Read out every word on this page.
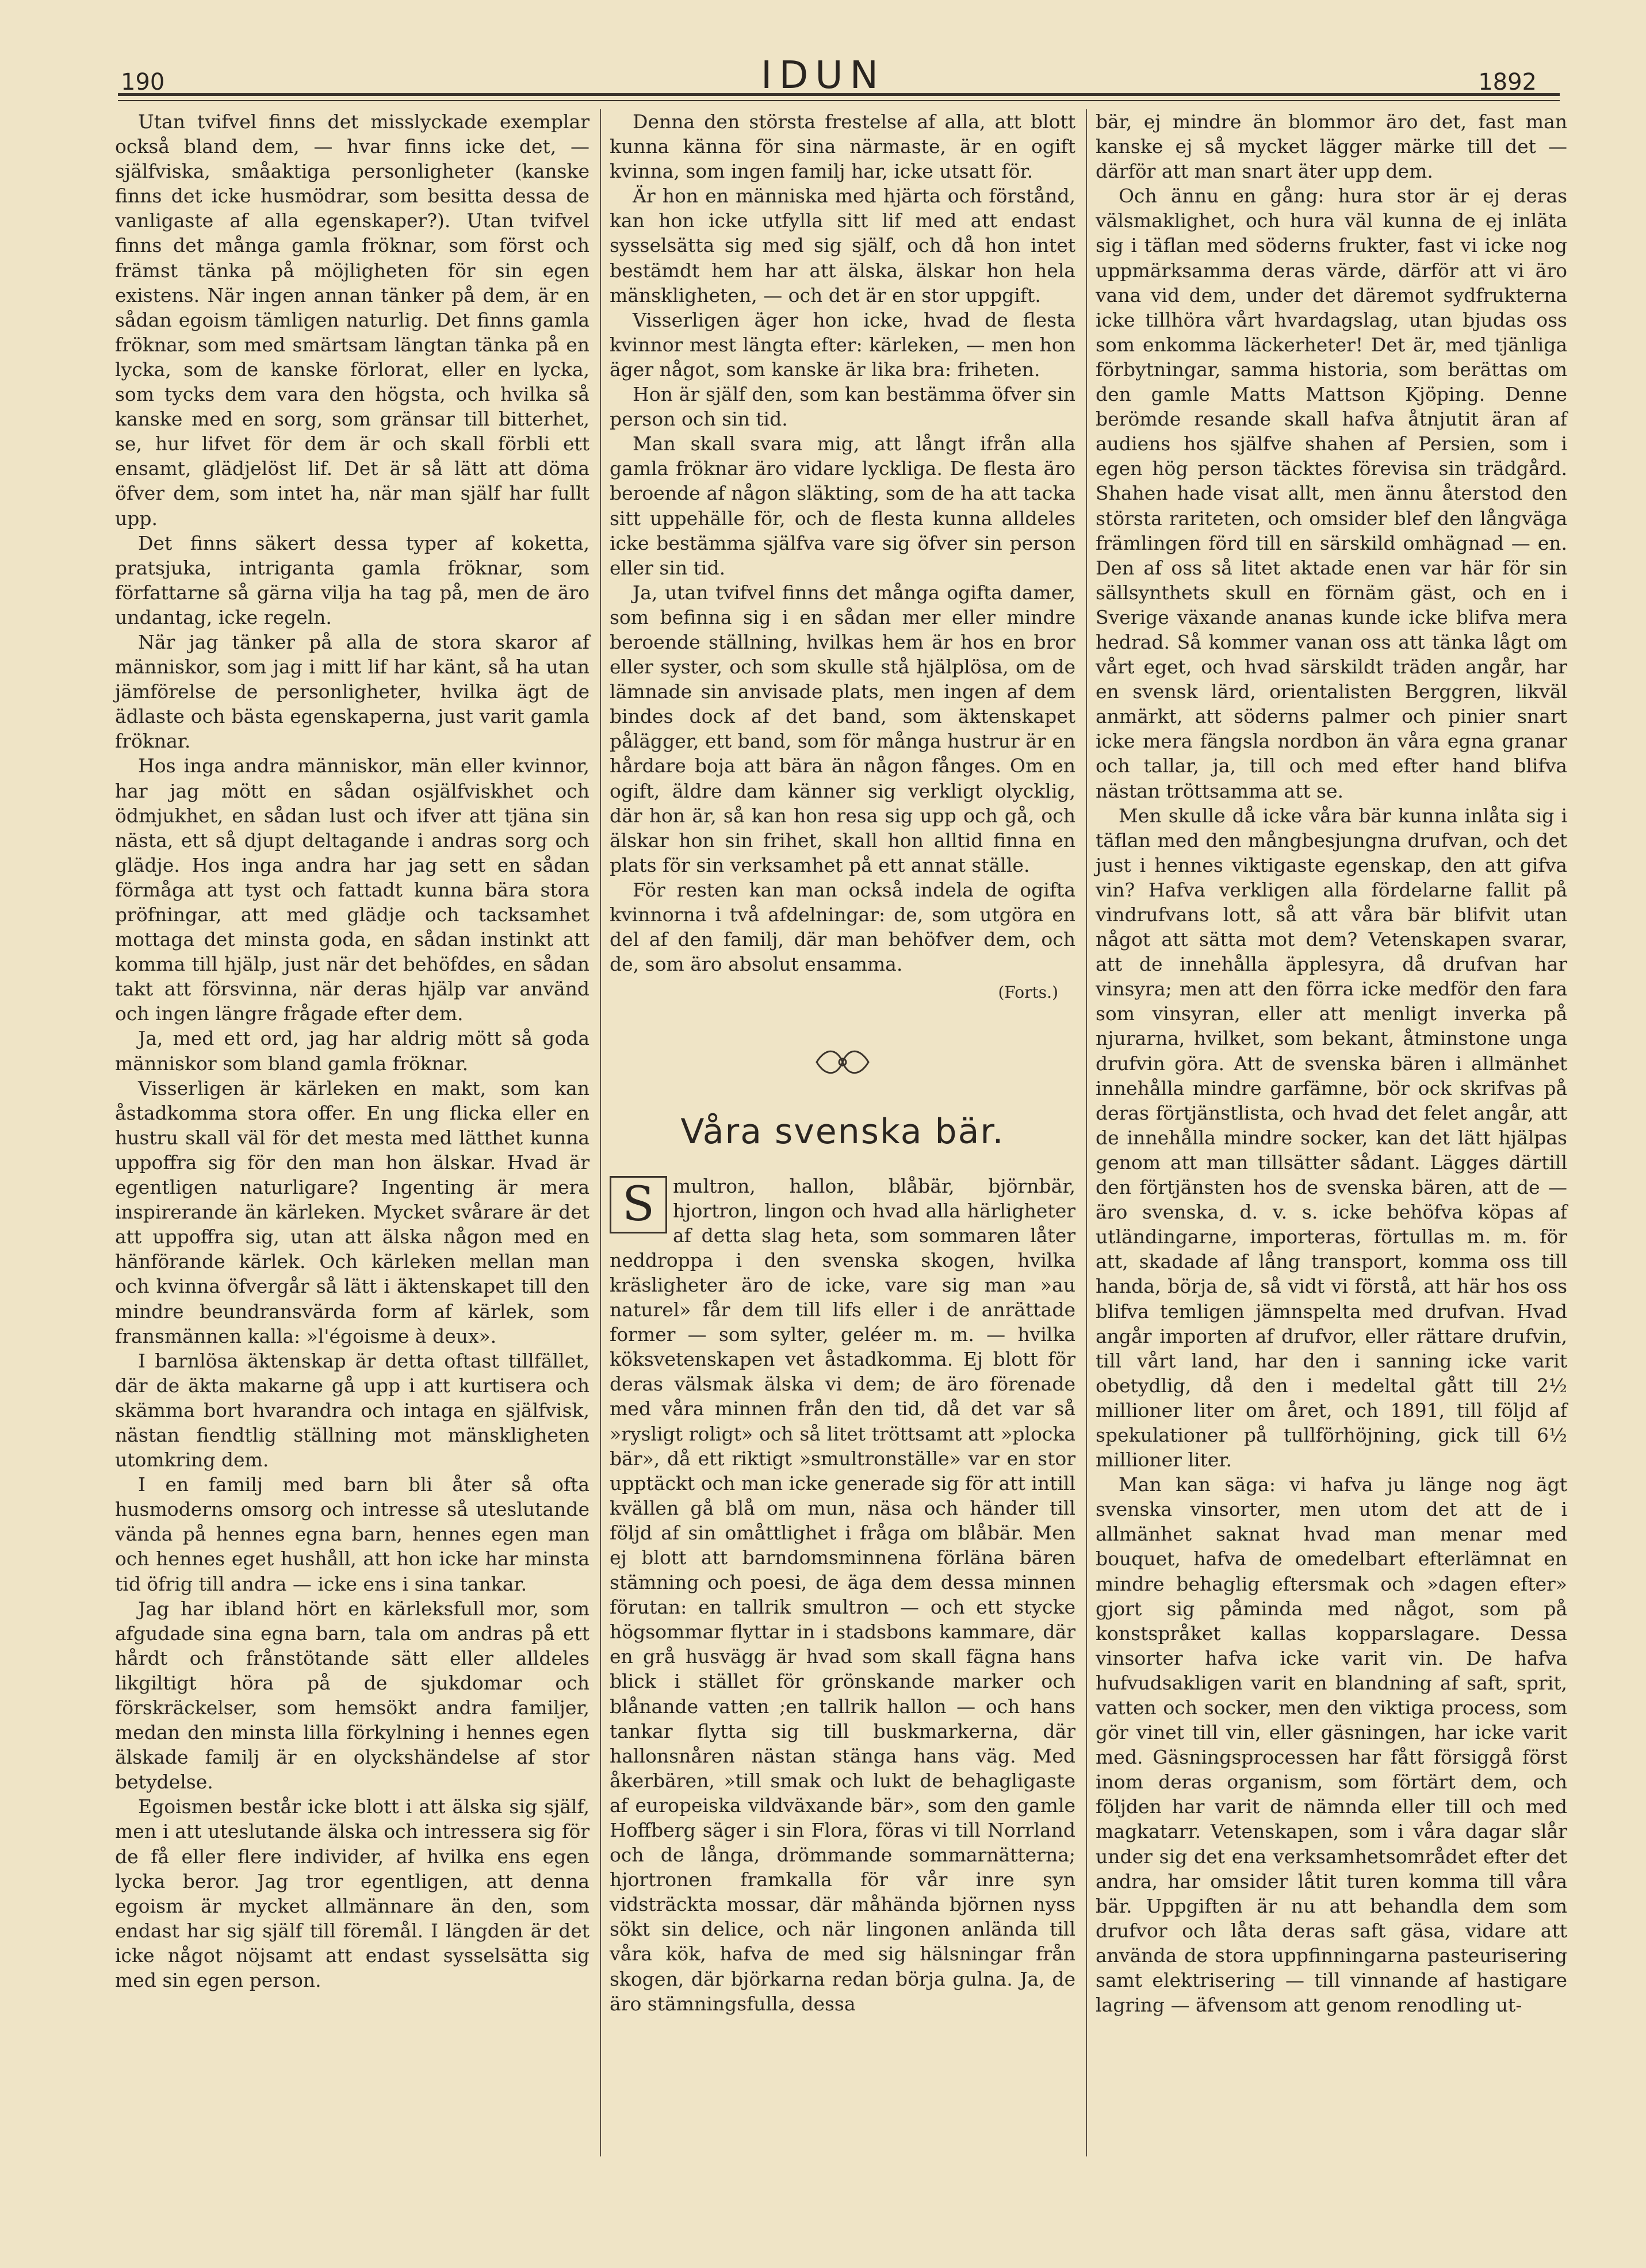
190	IDUN	1892

Utan tvifvel finns det misslyckade exemplar också bland dem, — hvar finns icke det, — själfviska, småaktiga personligheter (kanske finns det icke husmödrar, som besitta dessa de vanligaste af alla egenskaper?). Utan tvifvel finns det många gamla fröknar, som först och främst tänka på möjligheten för sin egen existens. När ingen annan tänker på dem, är en sådan egoism tämligen naturlig. Det finns gamla fröknar, som med smärtsam längtan tänka på en lycka, som de kanske förlorat, eller en lycka, som tycks dem vara den högsta, och hvilka så kanske med en sorg, som gränsar till bitterhet, se, hur lifvet för dem är och skall förbli ett ensamt, glädjelöst lif. Det är så lätt att döma öfver dem, som intet ha, när man själf har fullt upp.

Det finns säkert dessa typer af koketta, pratsjuka, intriganta gamla fröknar, som författarne så gärna vilja ha tag på, men de äro undantag, icke regeln.

När jag tänker på alla de stora skaror af människor, som jag i mitt lif har känt, så ha utan jämförelse de personligheter, hvilka ägt de ädlaste och bästa egenskaperna, just varit gamla fröknar.

Hos inga andra människor, män eller kvinnor, har jag mött en sådan osjälfviskhet och ödmjukhet, en sådan lust och ifver att tjäna sin nästa, ett så djupt deltagande i andras sorg och glädje. Hos inga andra har jag sett en sådan förmåga att tyst och fattadt kunna bära stora pröfningar, att med glädje och tacksamhet mottaga det minsta goda, en sådan instinkt att komma till hjälp, just när det behöfdes, en sådan takt att försvinna, när deras hjälp var använd och ingen längre frågade efter dem.

Ja, med ett ord, jag har aldrig mött så goda människor som bland gamla fröknar.

Visserligen är kärleken en makt, som kan åstadkomma stora offer. En ung flicka eller en hustru skall väl för det mesta med lätthet kunna uppoffra sig för den man hon älskar. Hvad är egentligen naturligare? Ingenting är mera inspirerande än kärleken. Mycket svårare är det att uppoffra sig, utan att älska någon med en hänförande kärlek. Och kärleken mellan man och kvinna öfvergår så lätt i äktenskapet till den mindre beundransvärda form af kärlek, som fransmännen kalla: »l'égoisme à deux».

I barnlösa äktenskap är detta oftast tillfället, där de äkta makarne gå upp i att kurtisera och skämma bort hvarandra och intaga en själfvisk, nästan fiendtlig ställning mot mänskligheten utomkring dem.

I en familj med barn bli åter så ofta husmoderns omsorg och intresse så uteslutande vända på hennes egna barn, hennes egen man och hennes eget hushåll, att hon icke har minsta tid öfrig till andra — icke ens i sina tankar.

Jag har ibland hört en kärleksfull mor, som afgudade sina egna barn, tala om andras på ett hårdt och frånstötande sätt eller alldeles likgiltigt höra på de sjukdomar och förskräckelser, som hemsökt andra familjer, medan den minsta lilla förkylning i hennes egen älskade familj är en olyckshändelse af stor betydelse.

Egoismen består icke blott i att älska sig själf, men i att uteslutande älska och intressera sig för de få eller flere individer, af hvilka ens egen lycka beror. Jag tror egentligen, att denna egoism är mycket allmännare än den, som endast har sig själf till föremål. I längden är det icke något nöjsamt att endast sysselsätta sig med sin egen person.

Denna den största frestelse af alla, att blott kunna känna för sina närmaste, är en ogift kvinna, som ingen familj har, icke utsatt för.

Är hon en människa med hjärta och förstånd, kan hon icke utfylla sitt lif med att endast sysselsätta sig med sig själf, och då hon intet bestämdt hem har att älska, älskar hon hela mänskligheten, — och det är en stor uppgift.

Visserligen äger hon icke, hvad de flesta kvinnor mest längta efter: kärleken, — men hon äger något, som kanske är lika bra: friheten.

Hon är själf den, som kan bestämma öfver sin person och sin tid.

Man skall svara mig, att långt ifrån alla gamla fröknar äro vidare lyckliga. De flesta äro beroende af någon släkting, som de ha att tacka sitt uppehälle för, och de flesta kunna alldeles icke bestämma själfva vare sig öfver sin person eller sin tid.

Ja, utan tvifvel finns det många ogifta damer, som befinna sig i en sådan mer eller mindre beroende ställning, hvilkas hem är hos en bror eller syster, och som skulle stå hjälplösa, om de lämnade sin anvisade plats, men ingen af dem bindes dock af det band, som äktenskapet pålägger, ett band, som för många hustrur är en hårdare boja att bära än någon fånges. Om en ogift, äldre dam känner sig verkligt olycklig, där hon är, så kan hon resa sig upp och gå, och älskar hon sin frihet, skall hon alltid finna en plats för sin verksamhet på ett annat ställe.

För resten kan man också indela de ogifta kvinnorna i två afdelningar: de, som utgöra en del af den familj, där man behöfver dem, och de, som äro absolut ensamma.

(Forts.)

Våra svenska bär.

S multron, hallon, blåbär, björnbär, hjortron, lingon och hvad alla härligheter af detta slag heta, som sommaren låter neddroppa i den svenska skogen, hvilka kräsligheter äro de icke, vare sig man »au naturel» får dem till lifs eller i de anrättade former — som sylter, geléer m. m. — hvilka köksvetenskapen vet åstadkomma. Ej blott för deras välsmak älska vi dem; de äro förenade med våra minnen från den tid, då det var så »rysligt roligt» och så litet tröttsamt att »plocka bär», då ett riktigt »smultronställe» var en stor upptäckt och man icke generade sig för att intill kvällen gå blå om mun, näsa och händer till följd af sin omåttlighet i fråga om blåbär. Men ej blott att barndomsminnena förläna bären stämning och poesi, de äga dem dessa minnen förutan: en tallrik smultron — och ett stycke högsommar flyttar in i stadsbons kammare, där en grå husvägg är hvad som skall fägna hans blick i stället för grönskande marker och blånande vatten ;en tallrik hallon — och hans tankar flytta sig till buskmarkerna, där hallonsnåren nästan stänga hans väg. Med åkerbären, »till smak och lukt de behagligaste af europeiska vildväxande bär», som den gamle Hoffberg säger i sin Flora, föras vi till Norrland och de långa, drömmande sommarnätterna; hjortronen framkalla för vår inre syn vidsträckta mossar, där måhända björnen nyss sökt sin delice, och när lingonen anlända till våra kök, hafva de med sig hälsningar från skogen, där björkarna redan börja gulna. Ja, de äro stämningsfulla, dessa

bär, ej mindre än blommor äro det, fast man kanske ej så mycket lägger märke till det — därför att man snart äter upp dem.

Och ännu en gång: hura stor är ej deras välsmaklighet, och hura väl kunna de ej inläta sig i täflan med söderns frukter, fast vi icke nog uppmärksamma deras värde, därför att vi äro vana vid dem, under det däremot sydfrukterna icke tillhöra vårt hvardagslag, utan bjudas oss som enkomma läckerheter! Det är, med tjänliga förbytningar, samma historia, som berättas om den gamle Matts Mattson Kjöping. Denne berömde resande skall hafva åtnjutit äran af audiens hos själfve shahen af Persien, som i egen hög person täcktes förevisa sin trädgård. Shahen hade visat allt, men ännu återstod den största rariteten, och omsider blef den långväga främlingen förd till en särskild omhägnad — en. Den af oss så litet aktade enen var här för sin sällsynthets skull en förnäm gäst, och en i Sverige växande ananas kunde icke blifva mera hedrad. Så kommer vanan oss att tänka lågt om vårt eget, och hvad särskildt träden angår, har en svensk lärd, orientalisten Berggren, likväl anmärkt, att söderns palmer och pinier snart icke mera fängsla nordbon än våra egna granar och tallar, ja, till och med efter hand blifva nästan tröttsamma att se.

Men skulle då icke våra bär kunna inlåta sig i täflan med den mångbesjungna drufvan, och det just i hennes viktigaste egenskap, den att gifva vin? Hafva verkligen alla fördelarne fallit på vindrufvans lott, så att våra bär blifvit utan något att sätta mot dem? Vetenskapen svarar, att de innehålla äpplesyra, då drufvan har vinsyra; men att den förra icke medför den fara som vinsyran, eller att menligt inverka på njurarna, hvilket, som bekant, åtminstone unga drufvin göra. Att de svenska bären i allmänhet innehålla mindre garfämne, bör ock skrifvas på deras förtjänstlista, och hvad det felet angår, att de innehålla mindre socker, kan det lätt hjälpas genom att man tillsätter sådant. Lägges därtill den förtjänsten hos de svenska bären, att de — äro svenska, d. v. s. icke behöfva köpas af utländingarne, importeras, förtullas m. m. för att, skadade af lång transport, komma oss till handa, börja de, så vidt vi förstå, att här hos oss blifva temligen jämnspelta med drufvan. Hvad angår importen af drufvor, eller rättare drufvin, till vårt land, har den i sanning icke varit obetydlig, då den i medeltal gått till 2½ millioner liter om året, och 1891, till följd af spekulationer på tullförhöjning, gick till 6½ millioner liter.

Man kan säga: vi hafva ju länge nog ägt svenska vinsorter, men utom det att de i allmänhet saknat hvad man menar med bouquet, hafva de omedelbart efterlämnat en mindre behaglig eftersmak och »dagen efter» gjort sig påminda med något, som på konstspråket kallas kopparslagare. Dessa vinsorter hafva icke varit vin. De hafva hufvudsakligen varit en blandning af saft, sprit, vatten och socker, men den viktiga process, som gör vinet till vin, eller gäsningen, har icke varit med. Gäsningsprocessen har fått försiggå först inom deras organism, som förtärt dem, och följden har varit de nämnda eller till och med magkatarr. Vetenskapen, som i våra dagar slår under sig det ena verksamhetsområdet efter det andra, har omsider låtit turen komma till våra bär. Uppgiften är nu att behandla dem som drufvor och låta deras saft gäsa, vidare att använda de stora uppfinningarna pasteurisering samt elektrisering — till vinnande af hastigare lagring — äfvensom att genom renodling ut-
